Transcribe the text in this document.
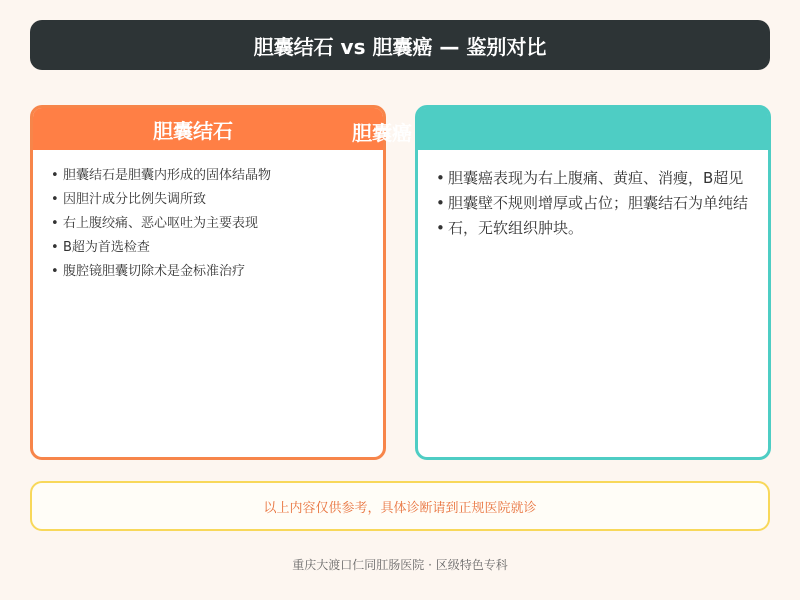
胆囊结石 vs 胆囊癌 — 鉴别对比
胆囊结石
• 胆囊结石是胆囊内形成的固体结晶物
• 因胆汁成分比例失调所致
• 右上腹绞痛、恶心呕吐为主要表现
• B超为首选检查
• 腹腔镜胆囊切除术是金标准治疗
• 胆囊癌表现为右上腹痛、黄疸、消瘦，B超见
• 胆囊壁不规则增厚或占位；胆囊结石为单纯结
• 石，无软组织肿块。
胆囊癌
以上内容仅供参考，具体诊断请到正规医院就诊
重庆大渡口仁同肛肠医院 · 区级特色专科
